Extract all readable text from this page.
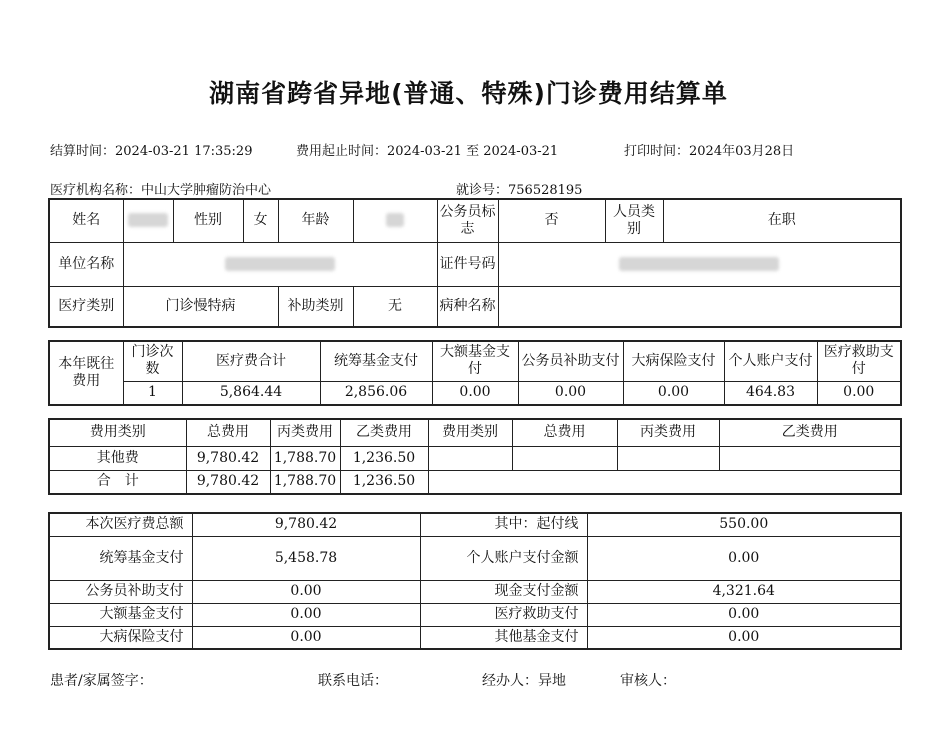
湖南省跨省异地(普通、特殊)门诊费用结算单
结算时间：2024-03-21 17:35:29	费用起止时间：2024-03-21 至 2024-03-21	打印时间：2024年03月28日
医疗机构名称：中山大学肿瘤防治中心	就诊号：756528195
姓名		性别	女	年龄		公务员标志	否	人员类别	在职
单位名称						证件号码			
医疗类别	门诊慢特病			补助类别	无	病种名称			
本年既往费用	门诊次数	医疗费合计	统筹基金支付	大额基金支付	公务员补助支付	大病保险支付	个人账户支付	医疗救助支付
	1	5,864.44	2,856.06	0.00	0.00	0.00	464.83	0.00
费用类别	总费用	丙类费用	乙类费用	费用类别	总费用	丙类费用	乙类费用
其他费	9,780.42	1,788.70	1,236.50				
合　计	9,780.42	1,788.70	1,236.50				
本次医疗费总额	9,780.42	其中：起付线	550.00
统筹基金支付	5,458.78	个人账户支付金额	0.00
公务员补助支付	0.00	现金支付金额	4,321.64
大额基金支付	0.00	医疗救助支付	0.00
大病保险支付	0.00	其他基金支付	0.00
患者/家属签字：	联系电话：	经办人：异地	审核人：
